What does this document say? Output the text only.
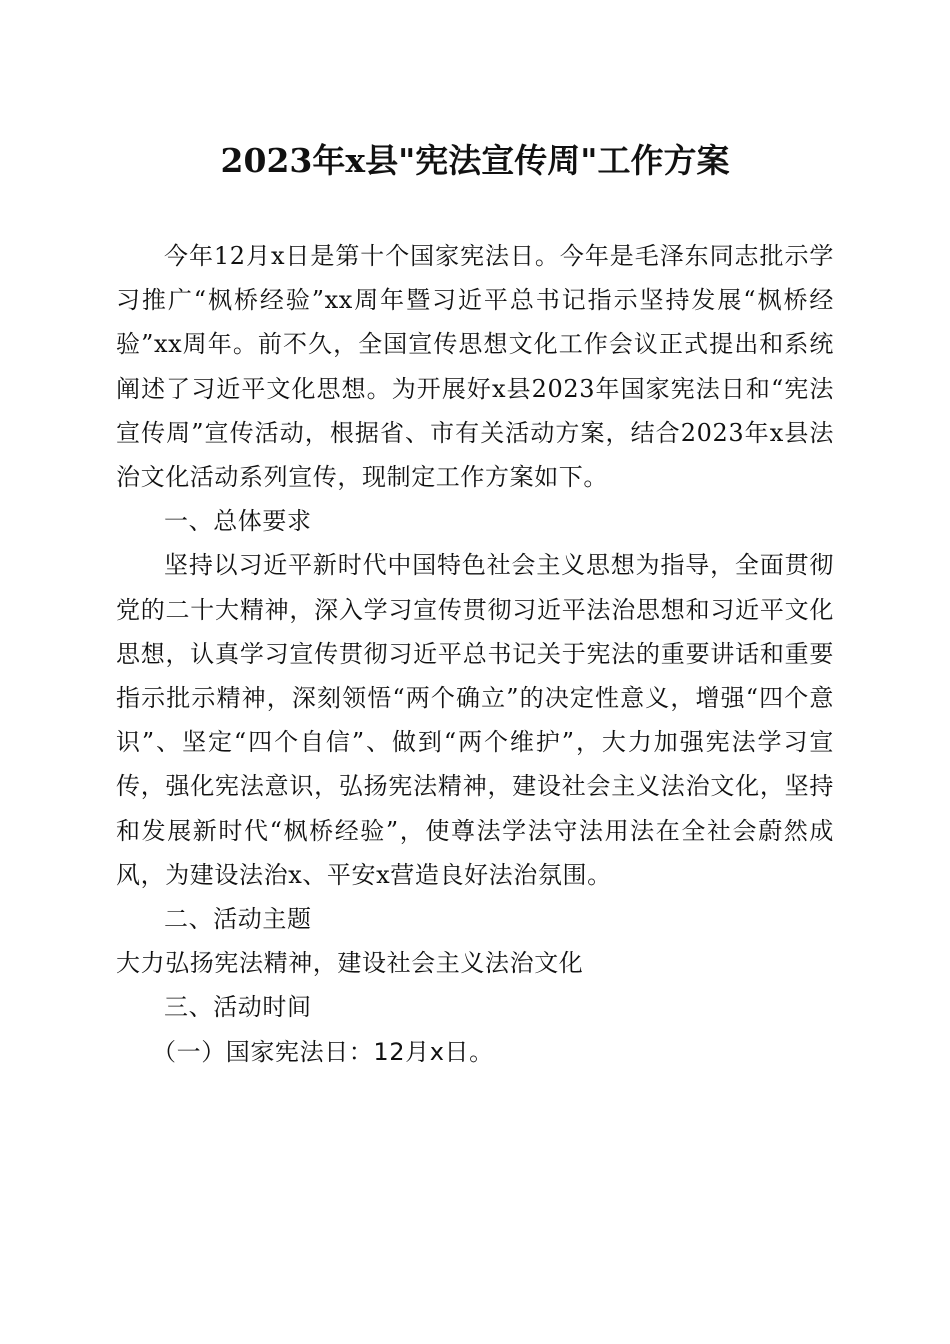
2023年x县"宪法宣传周"工作方案

今年12月x日是第十个国家宪法日。今年是毛泽东同志批示学习推广“枫桥经验”xx周年暨习近平总书记指示坚持发展“枫桥经验”xx周年。前不久，全国宣传思想文化工作会议正式提出和系统阐述了习近平文化思想。为开展好x县2023年国家宪法日和“宪法宣传周”宣传活动，根据省、市有关活动方案，结合2023年x县法治文化活动系列宣传，现制定工作方案如下。

一、总体要求

坚持以习近平新时代中国特色社会主义思想为指导，全面贯彻党的二十大精神，深入学习宣传贯彻习近平法治思想和习近平文化思想，认真学习宣传贯彻习近平总书记关于宪法的重要讲话和重要指示批示精神，深刻领悟“两个确立”的决定性意义，增强“四个意识”、坚定“四个自信”、做到“两个维护”，大力加强宪法学习宣传，强化宪法意识，弘扬宪法精神，建设社会主义法治文化，坚持和发展新时代“枫桥经验”，使尊法学法守法用法在全社会蔚然成风，为建设法治x、平安x营造良好法治氛围。

二、活动主题

大力弘扬宪法精神，建设社会主义法治文化

三、活动时间

（一）国家宪法日：12月x日。
